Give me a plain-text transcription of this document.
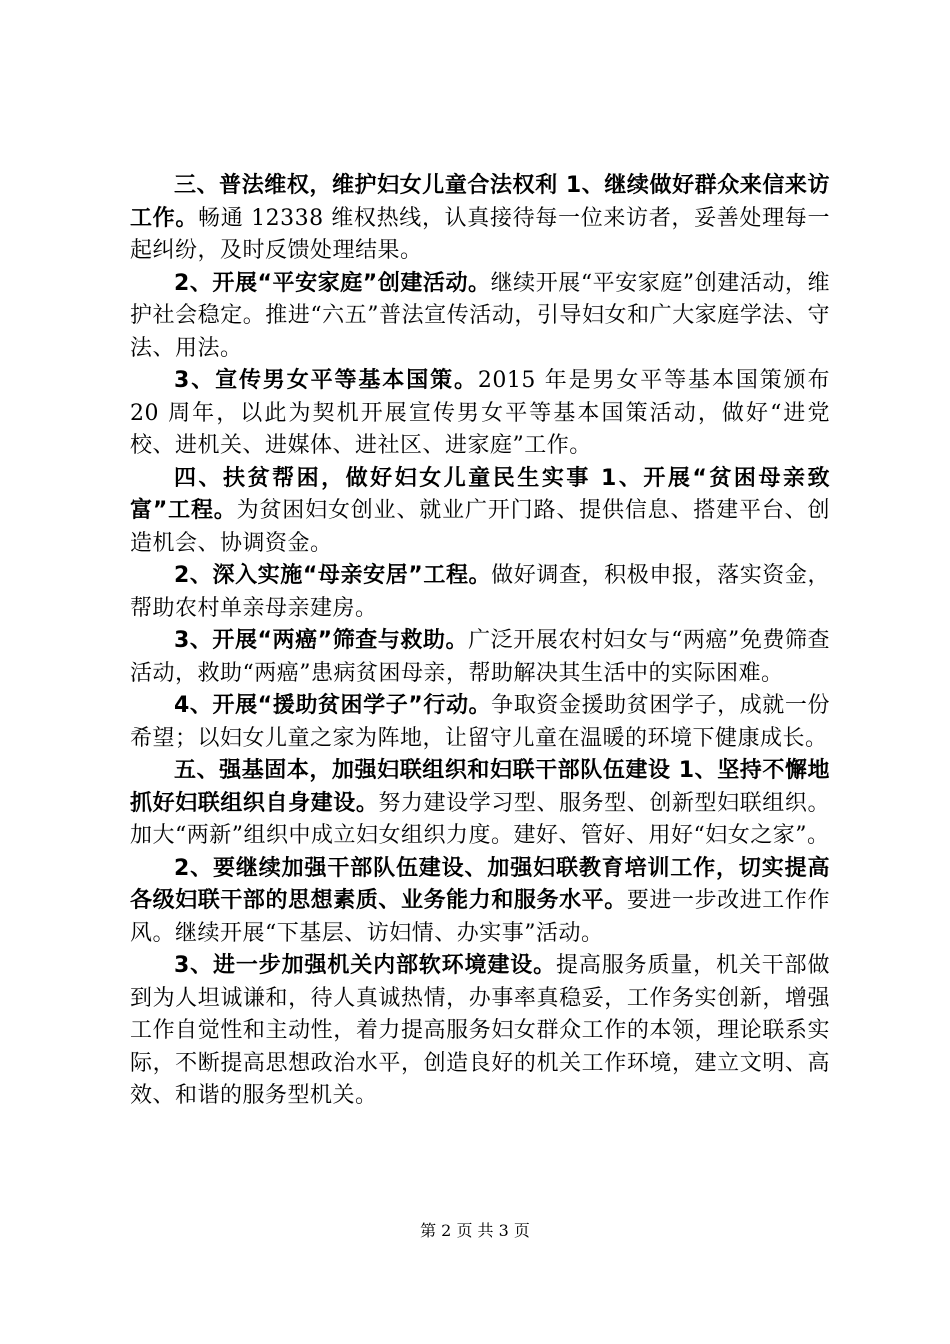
三、普法维权，维护妇女儿童合法权利 1、继续做好群众来信来访工作。畅通 12338 维权热线，认真接待每一位来访者，妥善处理每一起纠纷，及时反馈处理结果。

2、开展“平安家庭”创建活动。继续开展“平安家庭”创建活动，维护社会稳定。推进“六五”普法宣传活动，引导妇女和广大家庭学法、守法、用法。

3、宣传男女平等基本国策。2015 年是男女平等基本国策颁布 20 周年，以此为契机开展宣传男女平等基本国策活动，做好“进党校、进机关、进媒体、进社区、进家庭”工作。

四、扶贫帮困，做好妇女儿童民生实事 1、开展“贫困母亲致富”工程。为贫困妇女创业、就业广开门路、提供信息、搭建平台、创造机会、协调资金。

2、深入实施“母亲安居”工程。做好调查，积极申报，落实资金，帮助农村单亲母亲建房。

3、开展“两癌”筛查与救助。广泛开展农村妇女与“两癌”免费筛查活动，救助“两癌”患病贫困母亲，帮助解决其生活中的实际困难。

4、开展“援助贫困学子”行动。争取资金援助贫困学子，成就一份希望；以妇女儿童之家为阵地，让留守儿童在温暖的环境下健康成长。

五、强基固本，加强妇联组织和妇联干部队伍建设 1、坚持不懈地抓好妇联组织自身建设。努力建设学习型、服务型、创新型妇联组织。加大“两新”组织中成立妇女组织力度。建好、管好、用好“妇女之家”。

2、要继续加强干部队伍建设、加强妇联教育培训工作，切实提高各级妇联干部的思想素质、业务能力和服务水平。要进一步改进工作作风。继续开展“下基层、访妇情、办实事”活动。

3、进一步加强机关内部软环境建设。提高服务质量，机关干部做到为人坦诚谦和，待人真诚热情，办事率真稳妥，工作务实创新，增强工作自觉性和主动性，着力提高服务妇女群众工作的本领，理论联系实际，不断提高思想政治水平，创造良好的机关工作环境，建立文明、高效、和谐的服务型机关。

第 2 页 共 3 页
